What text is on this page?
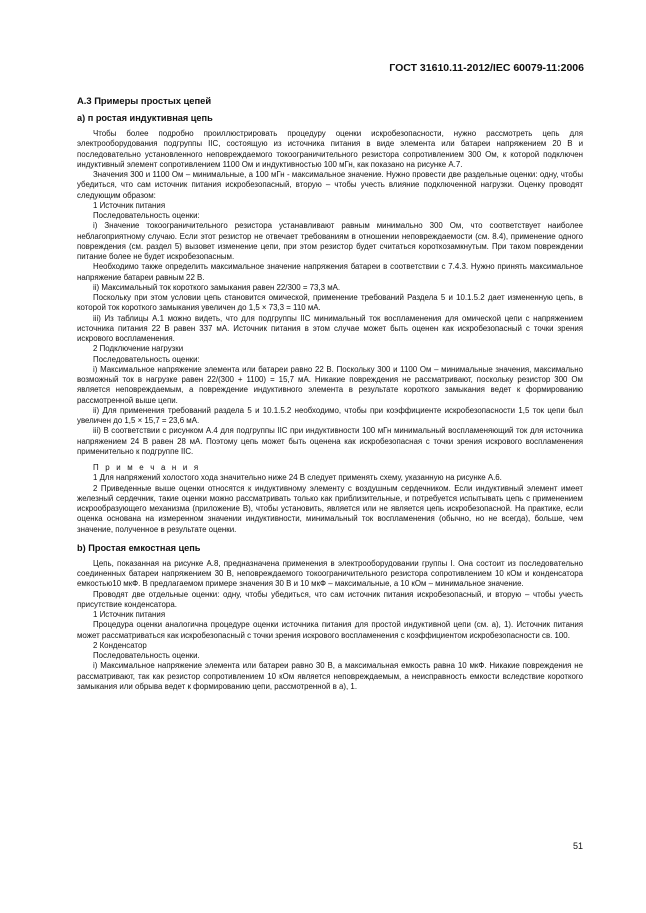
ГОСТ 31610.11-2012/IEC 60079-11:2006
А.3 Примеры простых цепей
а) п ростая индуктивная цепь

Чтобы более подробно проиллюстрировать процедуру оценки искробезопасности, нужно рассмотреть цепь для электрооборудования подгруппы IIC, состоящую из источника питания в виде элемента или батареи напряжением 20 В и последовательно установленного неповреждаемого токоограничительного резистора сопротивлением 300 Ом, к которой подключен индуктивный элемент сопротивлением 1100 Ом и индуктивностью 100 мГн, как показано на рисунке А.7.

Значения 300 и 1100 Ом – минимальные, а 100 мГн - максимальное значение. Нужно провести две раздельные оценки: одну, чтобы убедиться, что сам источник питания искробезопасный, вторую – чтобы учесть влияние подключенной нагрузки. Оценку проводят следующим образом:

1 Источник питания

Последовательность оценки:

i) Значение токоограничительного резистора устанавливают равным минимально 300 Ом, что соответствует наиболее неблагоприятному случаю. Если этот резистор не отвечает требованиям в отношении неповреждаемости (см. 8.4), применение одного повреждения (см. раздел 5) вызовет изменение цепи, при этом резистор будет считаться короткозамкнутым. При таком повреждении питание более не будет искробезопасным.

Необходимо также определить максимальное значение напряжения батареи в соответствии с 7.4.3. Нужно принять максимальное напряжение батареи равным 22 В.

ii) Максимальный ток короткого замыкания равен 22/300 = 73,3 мА.

Поскольку при этом условии цепь становится омической, применение требований Раздела 5 и 10.1.5.2 дает измененную цепь, в которой ток короткого замыкания увеличен до 1,5 × 73,3 = 110 мА.

iii) Из таблицы А.1 можно видеть, что для подгруппы IIC минимальный ток воспламенения для омической цепи с напряжением источника питания 22 В равен 337 мА. Источник питания в этом случае может быть оценен как искробезопасный с точки зрения искрового воспламенения.

2 Подключение нагрузки

Последовательность оценки:

i) Максимальное напряжение элемента или батареи равно 22 В. Поскольку 300 и 1100 Ом – минимальные значения, максимально возможный ток в нагрузке равен 22/(300 + 1100) = 15,7 мА. Никакие повреждения не рассматривают, поскольку резистор 300 Ом является неповреждаемым, а повреждение индуктивного элемента в результате короткого замыкания ведет к формированию рассмотренной выше цепи.

ii) Для применения требований раздела 5 и 10.1.5.2 необходимо, чтобы при коэффициенте искробезопасности 1,5 ток цепи был увеличен до 1,5 × 15,7 = 23,6 мА.

iii) В соответствии с рисунком А.4 для подгруппы IIC при индуктивности 100 мГн минимальный воспламеняющий ток для источника напряжением 24 В равен 28 мА. Поэтому цепь может быть оценена как искробезопасная с точки зрения искрового воспламенения применительно к подгруппе IIC.

П р и м е ч а н и я

1 Для напряжений холостого хода значительно ниже 24 В следует применять схему, указанную на рисунке А.6.

2 Приведенные выше оценки относятся к индуктивному элементу с воздушным сердечником. Если индуктивный элемент имеет железный сердечник, такие оценки можно рассматривать только как приблизительные, и потребуется испытывать цепь с применением искрообразующего механизма (приложение В), чтобы установить, является или не является цепь искробезопасной. На практике, если оценка основана на измеренном значении индуктивности, минимальный ток воспламенения (обычно, но не всегда), больше, чем значение, полученное в результате оценки.

b) Простая емкостная цепь

Цепь, показанная на рисунке А.8, предназначена применения в электрооборудовании группы I. Она состоит из последовательно соединенных батареи напряжением 30 В, неповреждаемого токоограничительного резистора сопротивлением 10 кОм и конденсатора емкостью10 мкФ. В предлагаемом примере значения 30 В и 10 мкФ – максимальные, а 10 кОм – минимальное значение.

Проводят две отдельные оценки: одну, чтобы убедиться, что сам источник питания искробезопасный, и вторую – чтобы учесть присутствие конденсатора.

1 Источник питания

Процедура оценки аналогична процедуре оценки источника питания для простой индуктивной цепи (см. а), 1). Источник питания может рассматриваться как искробезопасный с точки зрения искрового воспламенения с коэффициентом искробезопасности св. 100.

2 Конденсатор

Последовательность оценки.

i) Максимальное напряжение элемента или батареи равно 30 В, а максимальная емкость равна 10 мкФ. Никакие повреждения не рассматривают, так как резистор сопротивлением 10 кОм является неповреждаемым, а неисправность емкости вследствие короткого замыкания или обрыва ведет к формированию цепи, рассмотренной в а), 1.

51
